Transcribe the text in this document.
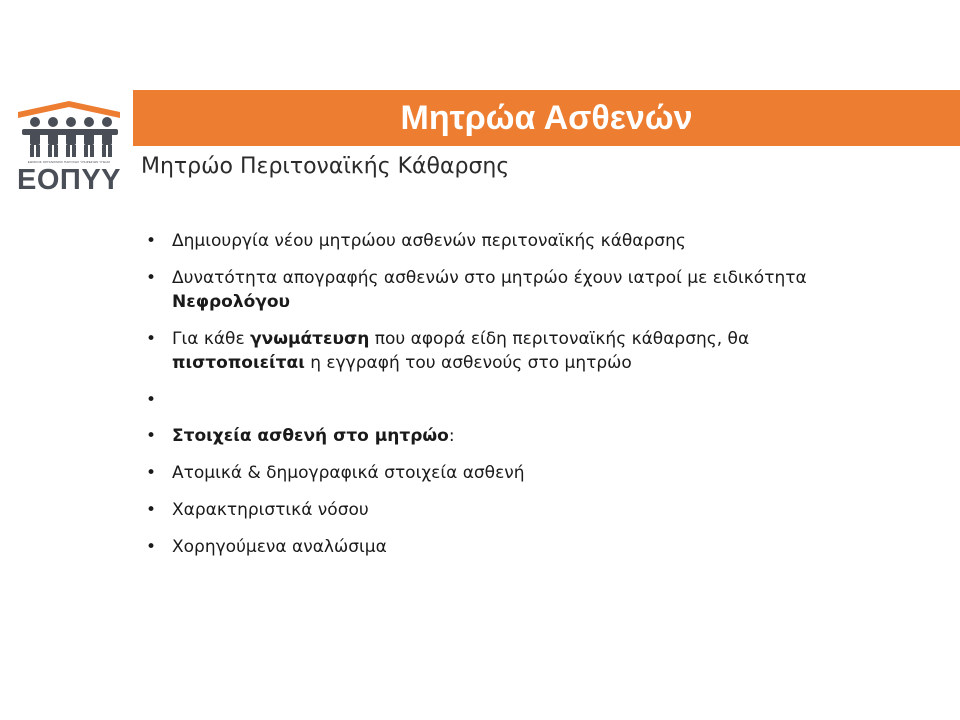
ΕΘΝΙΚΟΣ ΟΡΓΑΝΙΣΜΟΣ ΠΑΡΟΧΗΣ ΥΠΗΡΕΣΙΩΝ ΥΓΕΙΑΣ
ΕΟΠΥΥ
Μητρώα Ασθενών
Μητρώο Περιτοναϊκής Κάθαρσης
• Δημιουργία νέου μητρώου ασθενών περιτοναϊκής κάθαρσης
• Δυνατότητα απογραφής ασθενών στο μητρώο έχουν ιατροί με ειδικότητα Νεφρολόγου
• Για κάθε γνωμάτευση που αφορά είδη περιτοναϊκής κάθαρσης, θα πιστοποιείται η εγγραφή του ασθενούς στο μητρώο
•
• Στοιχεία ασθενή στο μητρώο:
• Ατομικά & δημογραφικά στοιχεία ασθενή
• Χαρακτηριστικά νόσου
• Χορηγούμενα αναλώσιμα
